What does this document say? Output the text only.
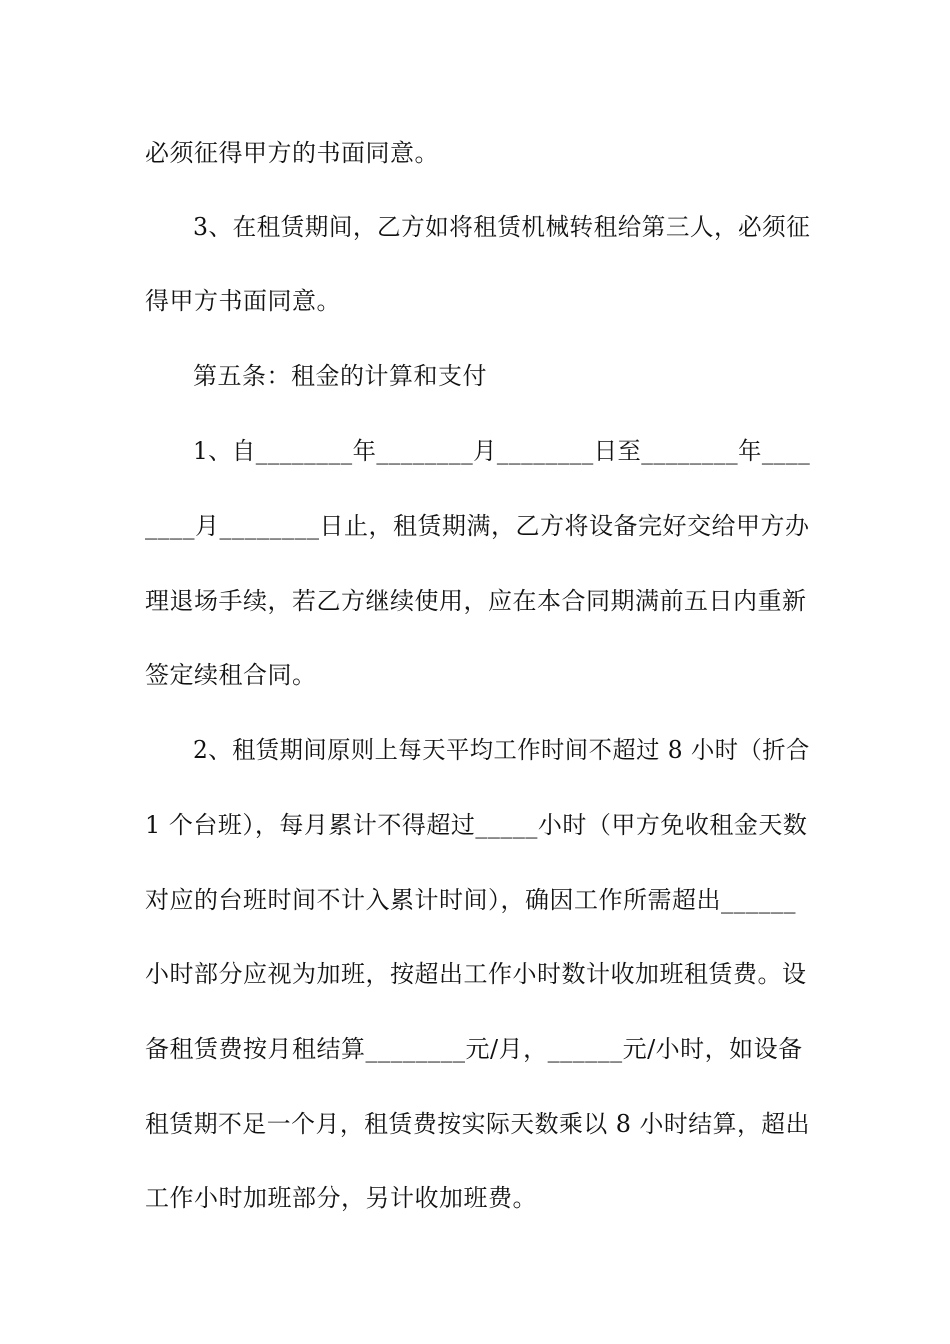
必须征得甲方的书面同意。
3、在租赁期间，乙方如将租赁机械转租给第三人，必须征
得甲方书面同意。
第五条：租金的计算和支付
1、自________年________月________日至________年____
____月________日止，租赁期满，乙方将设备完好交给甲方办
理退场手续，若乙方继续使用，应在本合同期满前五日内重新
签定续租合同。
2、租赁期间原则上每天平均工作时间不超过 8 小时（折合
1 个台班），每月累计不得超过_____小时（甲方免收租金天数
对应的台班时间不计入累计时间），确因工作所需超出______
小时部分应视为加班，按超出工作小时数计收加班租赁费。设
备租赁费按月租结算________元/月，______元/小时，如设备
租赁期不足一个月，租赁费按实际天数乘以 8 小时结算，超出
工作小时加班部分，另计收加班费。
